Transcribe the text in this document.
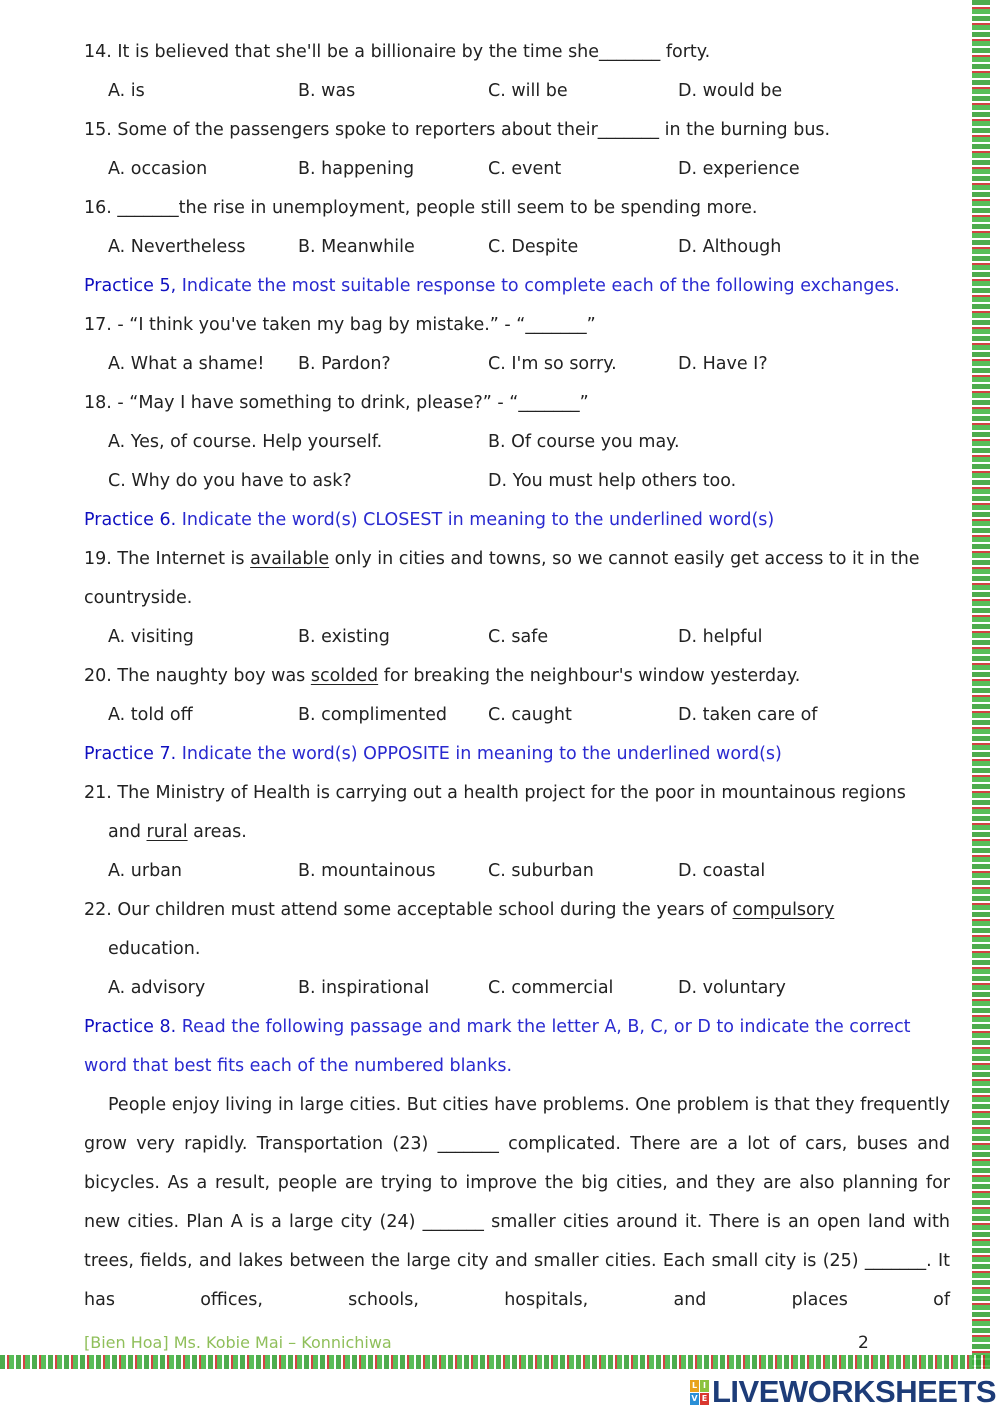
14. It is believed that she'll be a billionaire by the time she_______ forty.
A. is	B. was	C. will be	D. would be
15. Some of the passengers spoke to reporters about their_______ in the burning bus.
A. occasion	B. happening	C. event	D. experience
16. _______the rise in unemployment, people still seem to be spending more.
A. Nevertheless	B. Meanwhile	C. Despite	D. Although
Practice 5, Indicate the most suitable response to complete each of the following exchanges.
17. - “I think you've taken my bag by mistake.” - “_______”
A. What a shame!	B. Pardon?	C. I'm so sorry.	D. Have I?
18. - “May I have something to drink, please?” - “_______”
A. Yes, of course. Help yourself.	B. Of course you may.
C. Why do you have to ask?	D. You must help others too.
Practice 6. Indicate the word(s) CLOSEST in meaning to the underlined word(s)
19. The Internet is available only in cities and towns, so we cannot easily get access to it in the
countryside.
A. visiting	B. existing	C. safe	D. helpful
20. The naughty boy was scolded for breaking the neighbour's window yesterday.
A. told off	B. complimented	C. caught	D. taken care of
Practice 7. Indicate the word(s) OPPOSITE in meaning to the underlined word(s)
21. The Ministry of Health is carrying out a health project for the poor in mountainous regions
and rural areas.
A. urban	B. mountainous	C. suburban	D. coastal
22. Our children must attend some acceptable school during the years of compulsory
education.
A. advisory	B. inspirational	C. commercial	D. voluntary
Practice 8. Read the following passage and mark the letter A, B, C, or D to indicate the correct
word that best fits each of the numbered blanks.
People enjoy living in large cities. But cities have problems. One problem is that they frequently grow very rapidly. Transportation (23) _______ complicated. There are a lot of cars, buses and bicycles. As a result, people are trying to improve the big cities, and they are also planning for new cities. Plan A is a large city (24) _______ smaller cities around it. There is an open land with trees, fields, and lakes between the large city and smaller cities. Each small city is (25) _______. It has offices, schools, hospitals, and places of
[Bien Hoa] Ms. Kobie Mai – Konnichiwa	2
L I
V E LIVEWORKSHEETS
